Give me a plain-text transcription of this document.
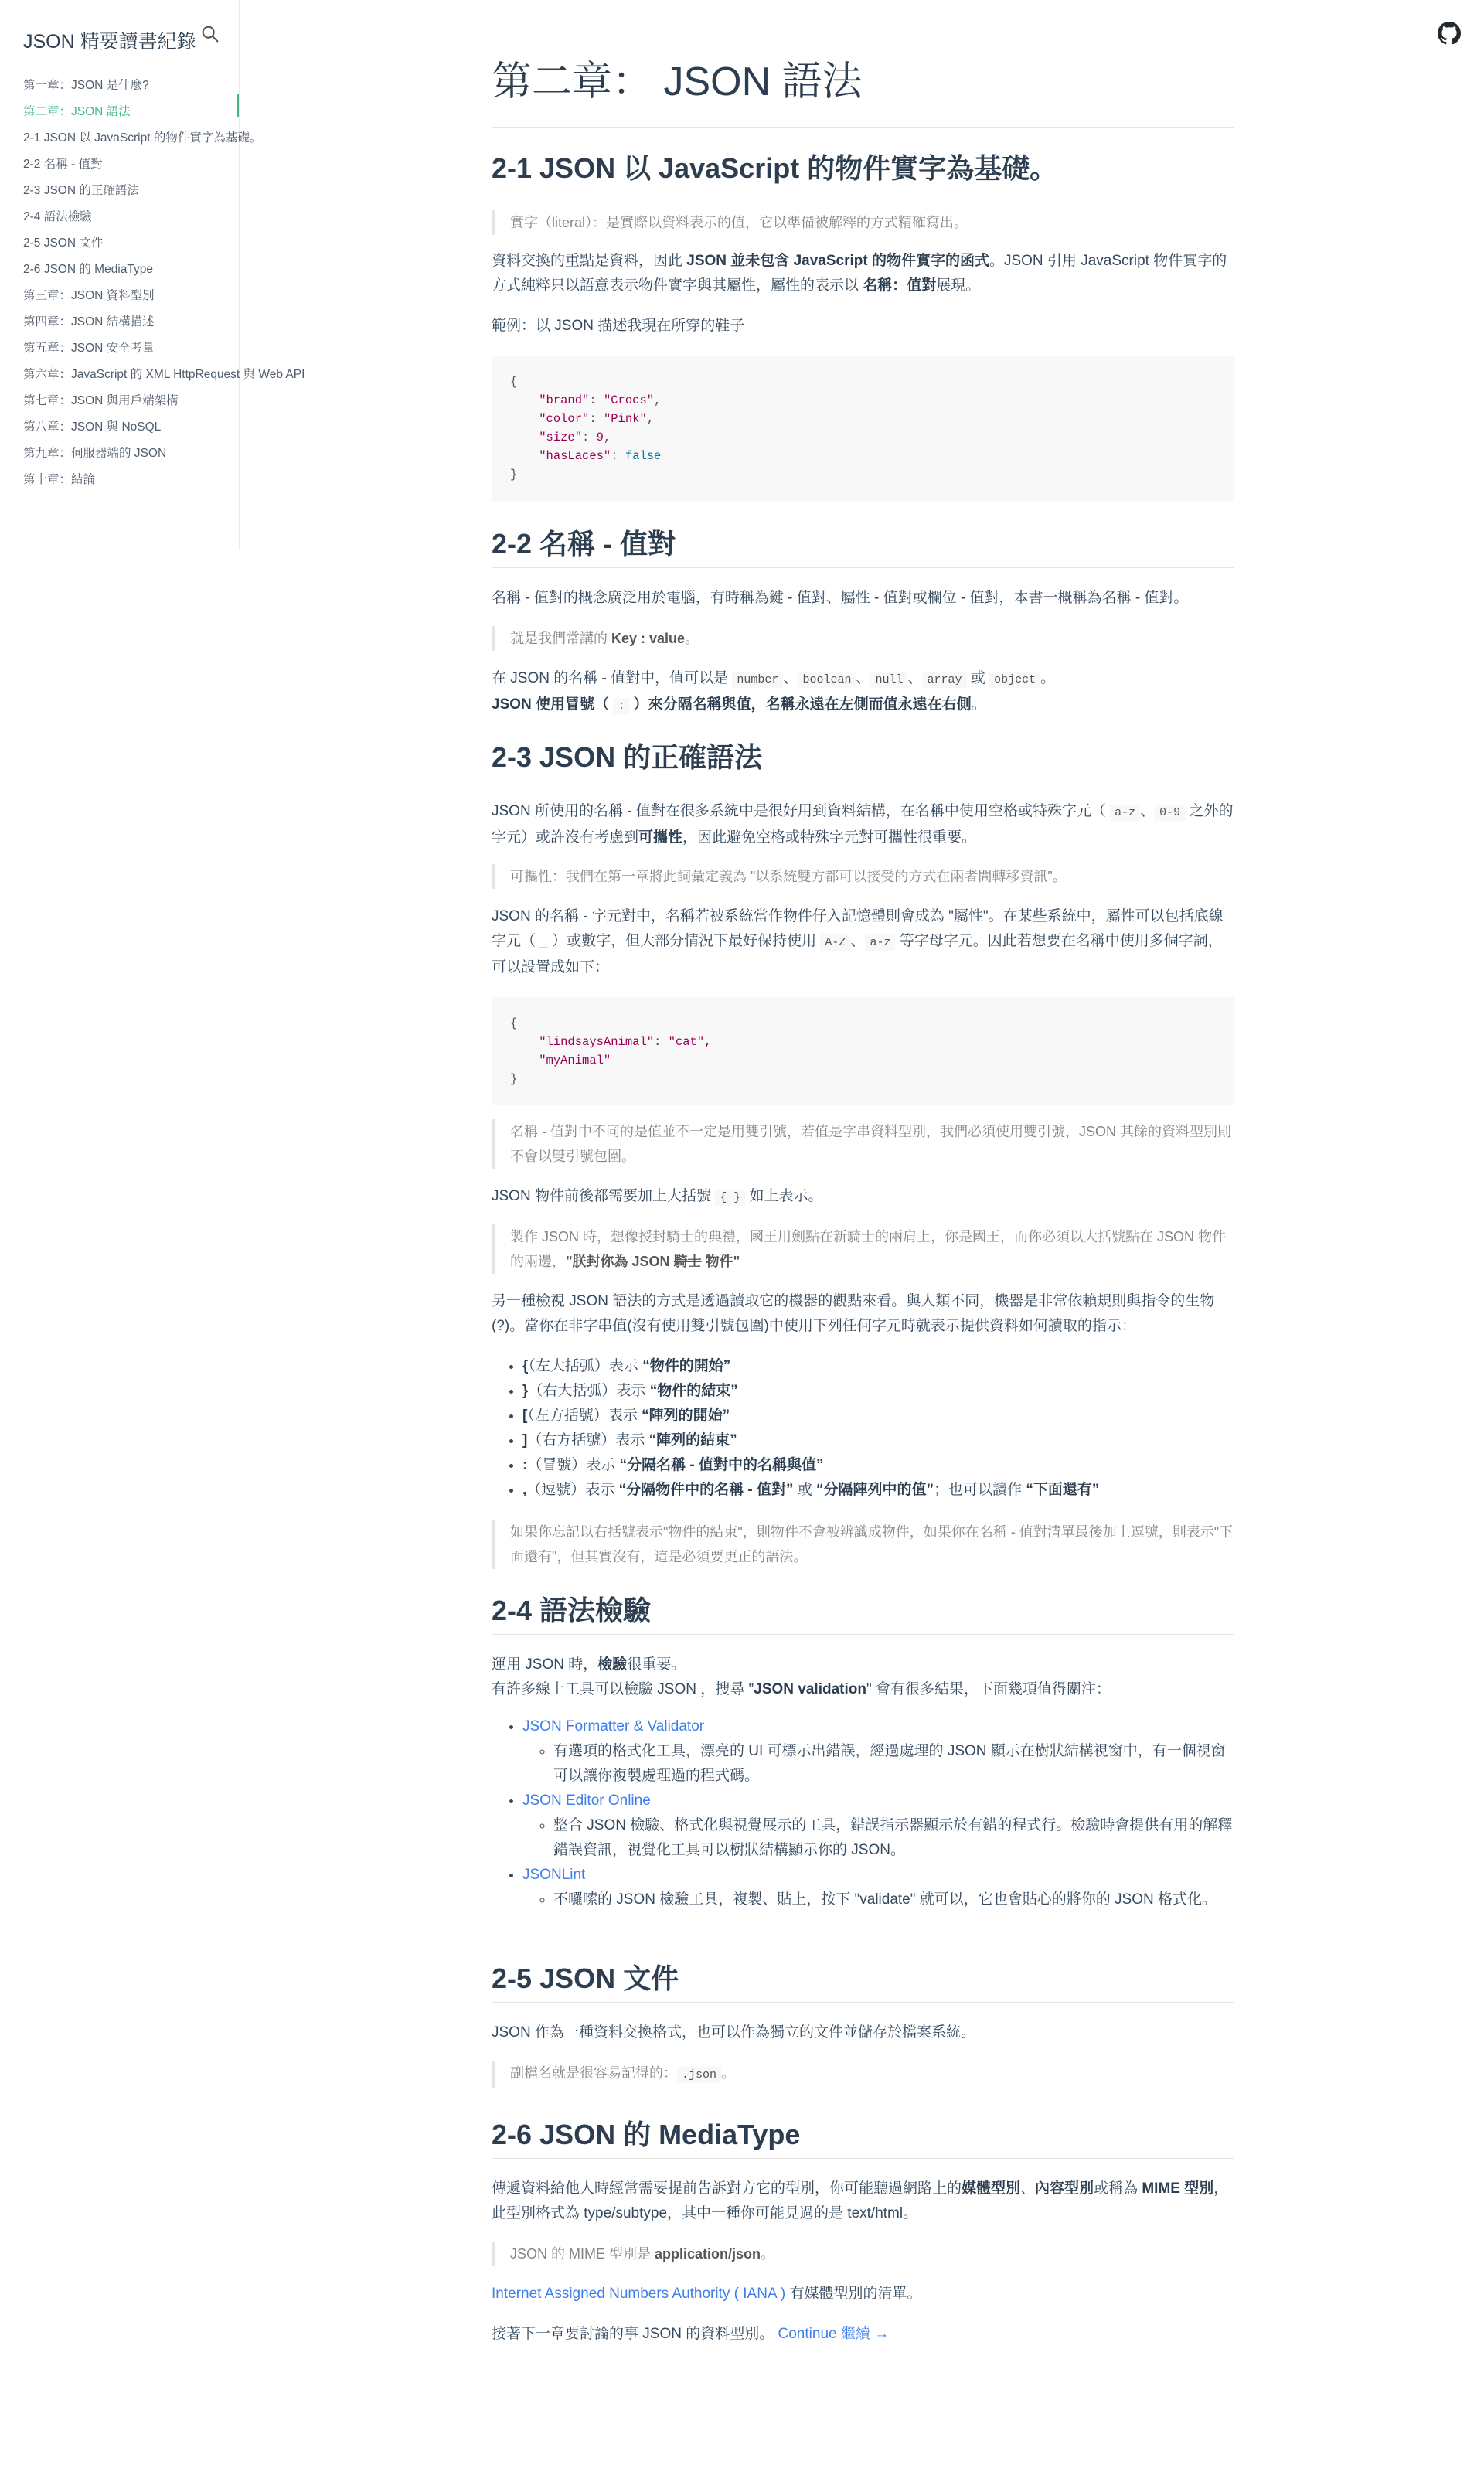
JSON 精要讀書紀錄
第一章：JSON 是什麼?
第二章：JSON 語法
2-1 JSON 以 JavaScript 的物件實字為基礎。
2-2 名稱 - 值對
2-3 JSON 的正確語法
2-4 語法檢驗
2-5 JSON 文件
2-6 JSON 的 MediaType
第三章：JSON 資料型別
第四章：JSON 結構描述
第五章：JSON 安全考量
第六章：JavaScript 的 XML HttpRequest 與 Web API
第七章：JSON 與用戶端架構
第八章：JSON 與 NoSQL
第九章：伺服器端的 JSON
第十章：結論
第二章： JSON 語法
2-1 JSON 以 JavaScript 的物件實字為基礎。
實字（literal）：是實際以資料表示的值，它以準備被解釋的方式精確寫出。

資料交換的重點是資料，因此 JSON 並未包含 JavaScript 的物件實字的函式。JSON 引用 JavaScript 物件實字的方式純粹只以語意表示物件實字與其屬性，屬性的表示以 名稱：值對展現。

範例：以 JSON 描述我現在所穿的鞋子

{
"brand": "Crocs",
"color": "Pink",
"size": 9,
"hasLaces": false
}
2-2 名稱 - 值對

名稱 - 值對的概念廣泛用於電腦，有時稱為鍵 - 值對、屬性 - 值對或欄位 - 值對，本書一概稱為名稱 - 值對。

就是我們常講的 Key : value。

在 JSON 的名稱 - 值對中，值可以是 number 、 boolean 、 null 、 array 或 object 。
JSON 使用冒號（ : ）來分隔名稱與值，名稱永遠在左側而值永遠在右側。

2-3 JSON 的正確語法

JSON 所使用的名稱 - 值對在很多系統中是很好用到資料結構，在名稱中使用空格或特殊字元（ a-z 、 0-9 之外的字元）或許沒有考慮到可攜性，因此避免空格或特殊字元對可攜性很重要。

可攜性：我們在第一章將此詞彙定義為 "以系統雙方都可以接受的方式在兩者間轉移資訊"。

JSON 的名稱 - 字元對中，名稱若被系統當作物件仔入記憶體則會成為 "屬性"。在某些系統中，屬性可以包括底線字元（ _ ）或數字，但大部分情況下最好保持使用 A-Z 、 a-z 等字母字元。因此若想要在名稱中使用多個字詞，可以設置成如下：

{
"lindsaysAnimal": "cat",
"myAnimal"
}
名稱 - 值對中不同的是值並不一定是用雙引號，若值是字串資料型別，我們必須使用雙引號，JSON 其餘的資料型別則不會以雙引號包圍。

JSON 物件前後都需要加上大括號 { } 如上表示。

製作 JSON 時，想像授封騎士的典禮，國王用劍點在新騎士的兩肩上，你是國王，而你必須以大括號點在 JSON 物件的兩邊，"朕封你為 JSON 騎士 物件"

另一種檢視 JSON 語法的方式是透過讀取它的機器的觀點來看。與人類不同，機器是非常依賴規則與指令的生物(?)。當你在非字串值(沒有使用雙引號包圍)中使用下列任何字元時就表示提供資料如何讀取的指示：

• {（左大括弧）表示 “物件的開始”
• }（右大括弧）表示 “物件的結束”
• [（左方括號）表示 “陣列的開始”
• ]（右方括號）表示 “陣列的結束”
• :（冒號）表示 “分隔名稱 - 值對中的名稱與值”
• ,（逗號）表示 “分隔物件中的名稱 - 值對” 或 “分隔陣列中的值”；也可以讀作 “下面還有”
如果你忘記以右括號表示"物件的結束"，則物件不會被辨識成物件，如果你在名稱 - 值對清單最後加上逗號，則表示"下面還有"，但其實沒有，這是必須要更正的語法。
2-4 語法檢驗

運用 JSON 時，檢驗很重要。
有許多線上工具可以檢驗 JSON ，搜尋 "JSON validation" 會有很多結果，下面幾項值得關注：

• JSON Formatter & Validator
◦ 有選項的格式化工具，漂亮的 UI 可標示出錯誤，經過處理的 JSON 顯示在樹狀結構視窗中，有一個視窗可以讓你複製處理過的程式碼。
• JSON Editor Online
◦ 整合 JSON 檢驗、格式化與視覺展示的工具，錯誤指示器顯示於有錯的程式行。檢驗時會提供有用的解釋錯誤資訊，視覺化工具可以樹狀結構顯示你的 JSON。
• JSONLint
◦ 不囉嗦的 JSON 檢驗工具，複製、貼上，按下 "validate" 就可以，它也會貼心的將你的 JSON 格式化。
2-5 JSON 文件

JSON 作為一種資料交換格式，也可以作為獨立的文件並儲存於檔案系統。

副檔名就是很容易記得的： .json 。
2-6 JSON 的 MediaType

傳遞資料給他人時經常需要提前告訴對方它的型別，你可能聽過網路上的媒體型別、內容型別或稱為 MIME 型別，此型別格式為 type/subtype，其中一種你可能見過的是 text/html。

JSON 的 MIME 型別是 application/json。

Internet Assigned Numbers Authority ( IANA ) 有媒體型別的清單。

接著下一章要討論的事 JSON 的資料型別。 Continue 繼續 →
